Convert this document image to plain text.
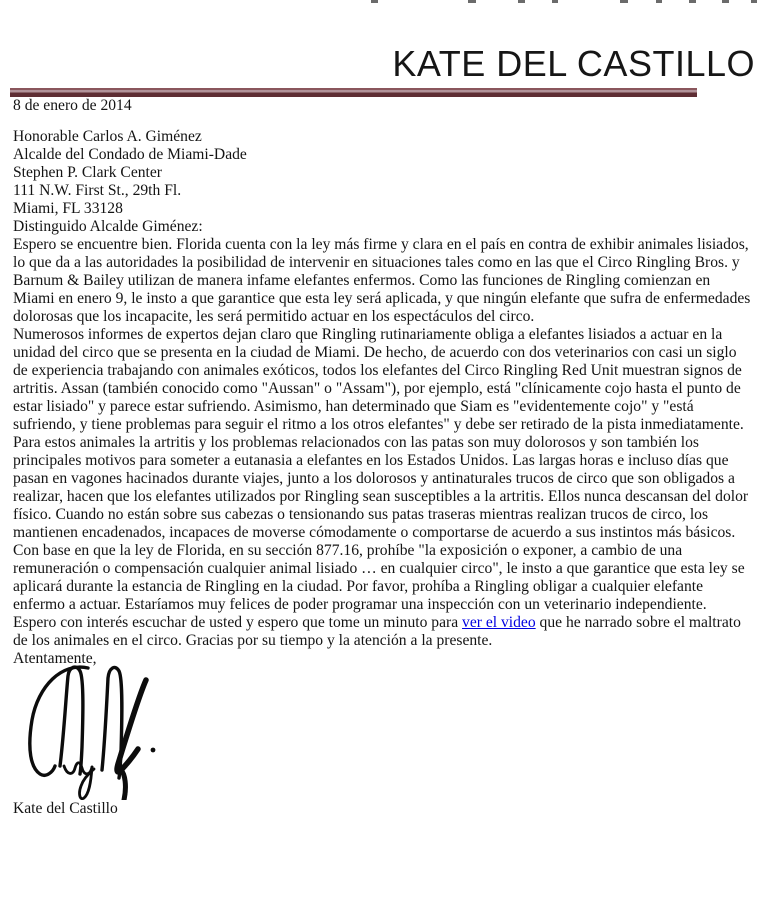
KATE DEL CASTILLO

8 de enero de 2014

Honorable Carlos A. Giménez
Alcalde del Condado de Miami-Dade
Stephen P. Clark Center
111 N.W. First St., 29th Fl.
Miami, FL 33128

Distinguido Alcalde Giménez:

Espero se encuentre bien. Florida cuenta con la ley más firme y clara en el país en contra de exhibir animales lisiados, lo que da a las autoridades la posibilidad de intervenir en situaciones tales como en las que el Circo Ringling Bros. y Barnum & Bailey utilizan de manera infame elefantes enfermos. Como las funciones de Ringling comienzan en Miami en enero 9, le insto a que garantice que esta ley será aplicada, y que ningún elefante que sufra de enfermedades dolorosas que los incapacite, les será permitido actuar en los espectáculos del circo.

Numerosos informes de expertos dejan claro que Ringling rutinariamente obliga a elefantes lisiados a actuar en la unidad del circo que se presenta en la ciudad de Miami. De hecho, de acuerdo con dos veterinarios con casi un siglo de experiencia trabajando con animales exóticos, todos los elefantes del Circo Ringling Red Unit muestran signos de artritis. Assan (también conocido como "Aussan" o "Assam"), por ejemplo, está "clínicamente cojo hasta el punto de estar lisiado" y parece estar sufriendo. Asimismo, han determinado que Siam es "evidentemente cojo" y "está sufriendo, y tiene problemas para seguir el ritmo a los otros elefantes" y debe ser retirado de la pista inmediatamente.

Para estos animales la artritis y los problemas relacionados con las patas son muy dolorosos y son también los principales motivos para someter a eutanasia a elefantes en los Estados Unidos. Las largas horas e incluso días que pasan en vagones hacinados durante viajes, junto a los dolorosos y antinaturales trucos de circo que son obligados a realizar, hacen que los elefantes utilizados por Ringling sean susceptibles a la artritis. Ellos nunca descansan del dolor físico. Cuando no están sobre sus cabezas o tensionando sus patas traseras mientras realizan trucos de circo, los mantienen encadenados, incapaces de moverse cómodamente o comportarse de acuerdo a sus instintos más básicos.

Con base en que la ley de Florida, en su sección 877.16, prohíbe "la exposición o exponer, a cambio de una remuneración o compensación cualquier animal lisiado … en cualquier circo", le insto a que garantice que esta ley se aplicará durante la estancia de Ringling en la ciudad. Por favor, prohíba a Ringling obligar a cualquier elefante enfermo a actuar. Estaríamos muy felices de poder programar una inspección con un veterinario independiente.

Espero con interés escuchar de usted y espero que tome un minuto para ver el video que he narrado sobre el maltrato de los animales en el circo. Gracias por su tiempo y la atención a la presente.

Atentamente,

Kate del Castillo
